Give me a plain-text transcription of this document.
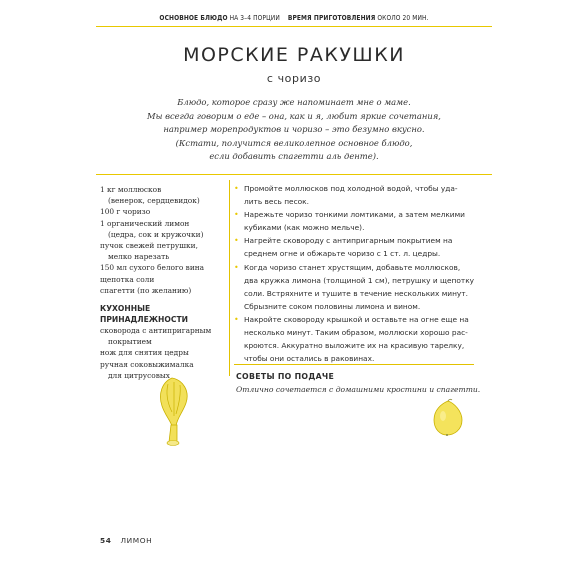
ОСНОВНОЕ БЛЮДО НА 3–4 ПОРЦИИ ВРЕМЯ ПРИГОТОВЛЕНИЯ ОКОЛО 20 МИН.
МОРСКИЕ РАКУШКИ
с чоризо
Блюдо, которое сразу же напоминает мне о маме.
Мы всегда говорим о еде – она, как и я, любит яркие сочетания,
например морепродуктов и чоризо – это безумно вкусно.
(Кстати, получится великолепное основное блюдо,
если добавить спагетти аль денте).
1 кг моллюсков
(венерок, сердцевидок)
100 г чоризо
1 органический лимон
(цедра, сок и кружочки)
пучок свежей петрушки,
мелко нарезать
150 мл сухого белого вина
щепотка соли
спагетти (по желанию)
КУХОННЫЕ
ПРИНАДЛЕЖНОСТИ
сковорода с антипригарным
покрытием
нож для снятия цедры
ручная соковыжималка
для цитрусовых
• Промойте моллюсков под холодной водой, чтобы уда-
лить весь песок.
• Нарежьте чоризо тонкими ломтиками, а затем мелкими
кубиками (как можно мельче).
• Нагрейте сковороду с антипригарным покрытием на
среднем огне и обжарьте чоризо с 1 ст. л. цедры.
• Когда чоризо станет хрустящим, добавьте моллюсков,
два кружка лимона (толщиной 1 см), петрушку и щепотку
соли. Встряхните и тушите в течение нескольких минут.
Сбрызните соком половины лимона и вином.
• Накройте сковороду крышкой и оставьте на огне еще на
несколько минут. Таким образом, моллюски хорошо рас-
кроются. Аккуратно выложите их на красивую тарелку,
чтобы они остались в раковинах.
СОВЕТЫ ПО ПОДАЧЕ
Отлично сочетается с домашними кростини и спагетти.
54 ЛИМОН
